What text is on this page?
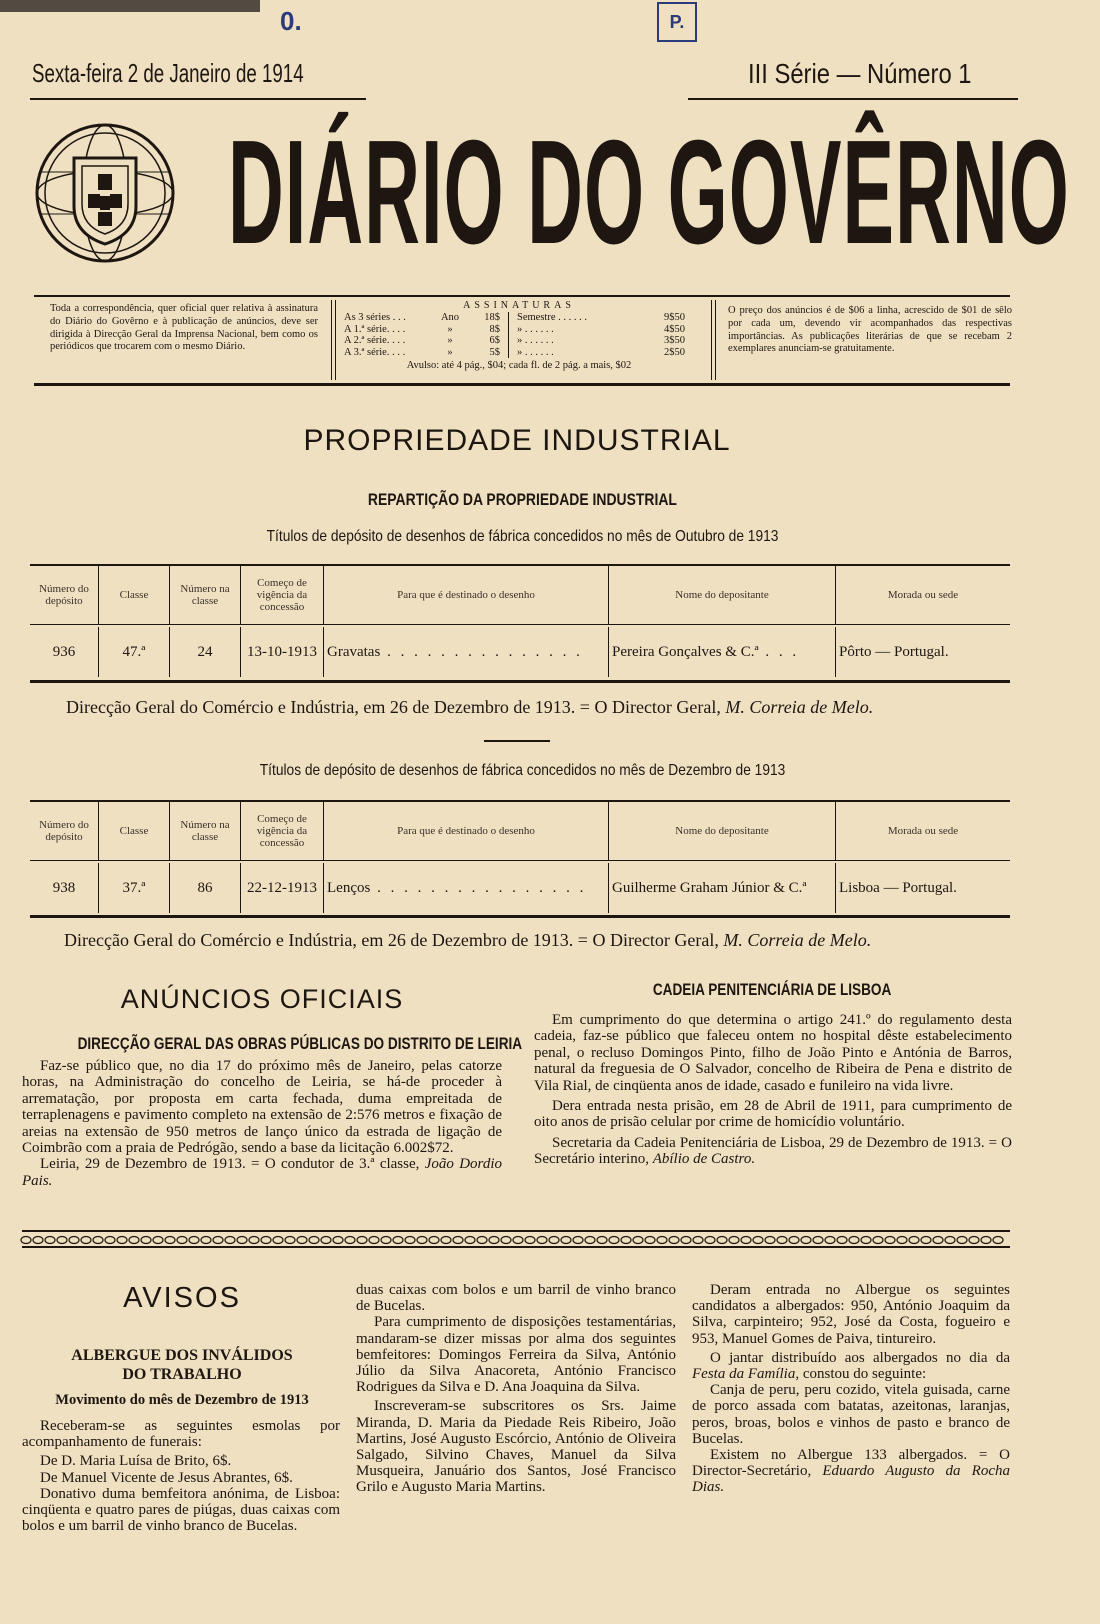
0.	P.
Sexta-feira 2 de Janeiro de 1914	III Série — Número 1
DIÁRIO DO GOVÊRNO
Toda a correspondência, quer oficial quer relativa à assinatura do Diário do Govêrno e à publicação de anúncios, deve ser dirigida à Direcção Geral da Imprensa Nacional, bem como os periódicos que trocarem com o mesmo Diário.
ASSINATURAS
As 3 séries . . .	Ano	18$ Semestre . . . . . .	9$50
A 1.ª série. . . .	»	8$ » . . . . . .	4$50
A 2.ª série. . . .	»	6$ » . . . . . .	3$50
A 3.ª série. . . .	»	5$ » . . . . . .	2$50
Avulso: até 4 pág., $04; cada fl. de 2 pág. a mais, $02
O preço dos anúncios é de $06 a linha, acrescido de $01 de sêlo por cada um, devendo vir acompanhados das respectivas importâncias. As publicações literárias de que se recebam 2 exemplares anunciam-se gratuitamente.
PROPRIEDADE INDUSTRIAL
REPARTIÇÃO DA PROPRIEDADE INDUSTRIAL
Títulos de depósito de desenhos de fábrica concedidos no mês de Outubro de 1913
Número do depósito	Classe	Número na classe	Começo de vigência da concessão	Para que é destinado o desenho	Nome do depositante	Morada ou sede

936	47.ª	24	13-10-1913	Gravatas . . . . . . . . . . . . . . .	Pereira Gonçalves & C.ª . . .	Pôrto — Portugal.
Direcção Geral do Comércio e Indústria, em 26 de Dezembro de 1913. = O Director Geral, M. Correia de Melo.
Títulos de depósito de desenhos de fábrica concedidos no mês de Dezembro de 1913
Número do depósito	Classe	Número na classe	Começo de vigência da concessão	Para que é destinado o desenho	Nome do depositante	Morada ou sede

938	37.ª	86	22-12-1913	Lenços . . . . . . . . . . . . . . . .	Guilherme Graham Júnior & C.ª	Lisboa — Portugal.
Direcção Geral do Comércio e Indústria, em 26 de Dezembro de 1913. = O Director Geral, M. Correia de Melo.
ANÚNCIOS OFICIAIS
DIRECÇÃO GERAL DAS OBRAS PÚBLICAS DO DISTRITO DE LEIRIA

Faz-se público que, no dia 17 do próximo mês de Janeiro, pelas catorze horas, na Administração do concelho de Leiria, se há-de proceder à arrematação, por proposta em carta fechada, duma empreitada de terraplenagens e pavimento completo na extensão de 2:576 metros e fixação de areias na extensão de 950 metros de lanço único da estrada de ligação de Coimbrão com a praia de Pedrógão, sendo a base da licitação 6.002$72.

Leiria, 29 de Dezembro de 1913. = O condutor de 3.ª classe, João Dordio Pais.

CADEIA PENITENCIÁRIA DE LISBOA

Em cumprimento do que determina o artigo 241.º do regulamento desta cadeia, faz-se público que faleceu ontem no hospital dêste estabelecimento penal, o recluso Domingos Pinto, filho de João Pinto e Antónia de Barros, natural da freguesia de O Salvador, concelho de Ribeira de Pena e distrito de Vila Rial, de cinqüenta anos de idade, casado e funileiro na vida livre.

Dera entrada nesta prisão, em 28 de Abril de 1911, para cumprimento de oito anos de prisão celular por crime de homicídio voluntário.

Secretaria da Cadeia Penitenciária de Lisboa, 29 de Dezembro de 1913. = O Secretário interino, Abílio de Castro.

AVISOS
ALBERGUE DOS INVÁLIDOS
DO TRABALHO
Movimento do mês de Dezembro de 1913

Receberam-se as seguintes esmolas por acompanhamento de funerais:

De D. Maria Luísa de Brito, 6$.

De Manuel Vicente de Jesus Abrantes, 6$.

Donativo duma bemfeitora anónima, de Lisboa: cinqüenta e quatro pares de piúgas, duas caixas com bolos e um barril de vinho branco de Bucelas.

duas caixas com bolos e um barril de vinho branco de Bucelas.

Para cumprimento de disposições testamentárias, mandaram-se dizer missas por alma dos seguintes bemfeitores: Domingos Ferreira da Silva, António Júlio da Silva Anacoreta, António Francisco Rodrigues da Silva e D. Ana Joaquina da Silva.

Inscreveram-se subscritores os Srs. Jaime Miranda, D. Maria da Piedade Reis Ribeiro, João Martins, José Augusto Escórcio, António de Oliveira Salgado, Silvino Chaves, Manuel da Silva Musqueira, Januário dos Santos, José Francisco Grilo e Augusto Maria Martins.

Deram entrada no Albergue os seguintes candidatos a albergados: 950, António Joaquim da Silva, carpinteiro; 952, José da Costa, fogueiro e 953, Manuel Gomes de Paiva, tintureiro.

O jantar distribuído aos albergados no dia da Festa da Família, constou do seguinte:

Canja de peru, peru cozido, vitela guisada, carne de porco assada com batatas, azeitonas, laranjas, peros, broas, bolos e vinhos de pasto e branco de Bucelas.

Existem no Albergue 133 albergados. = O Director-Secretário, Eduardo Augusto da Rocha Dias.
